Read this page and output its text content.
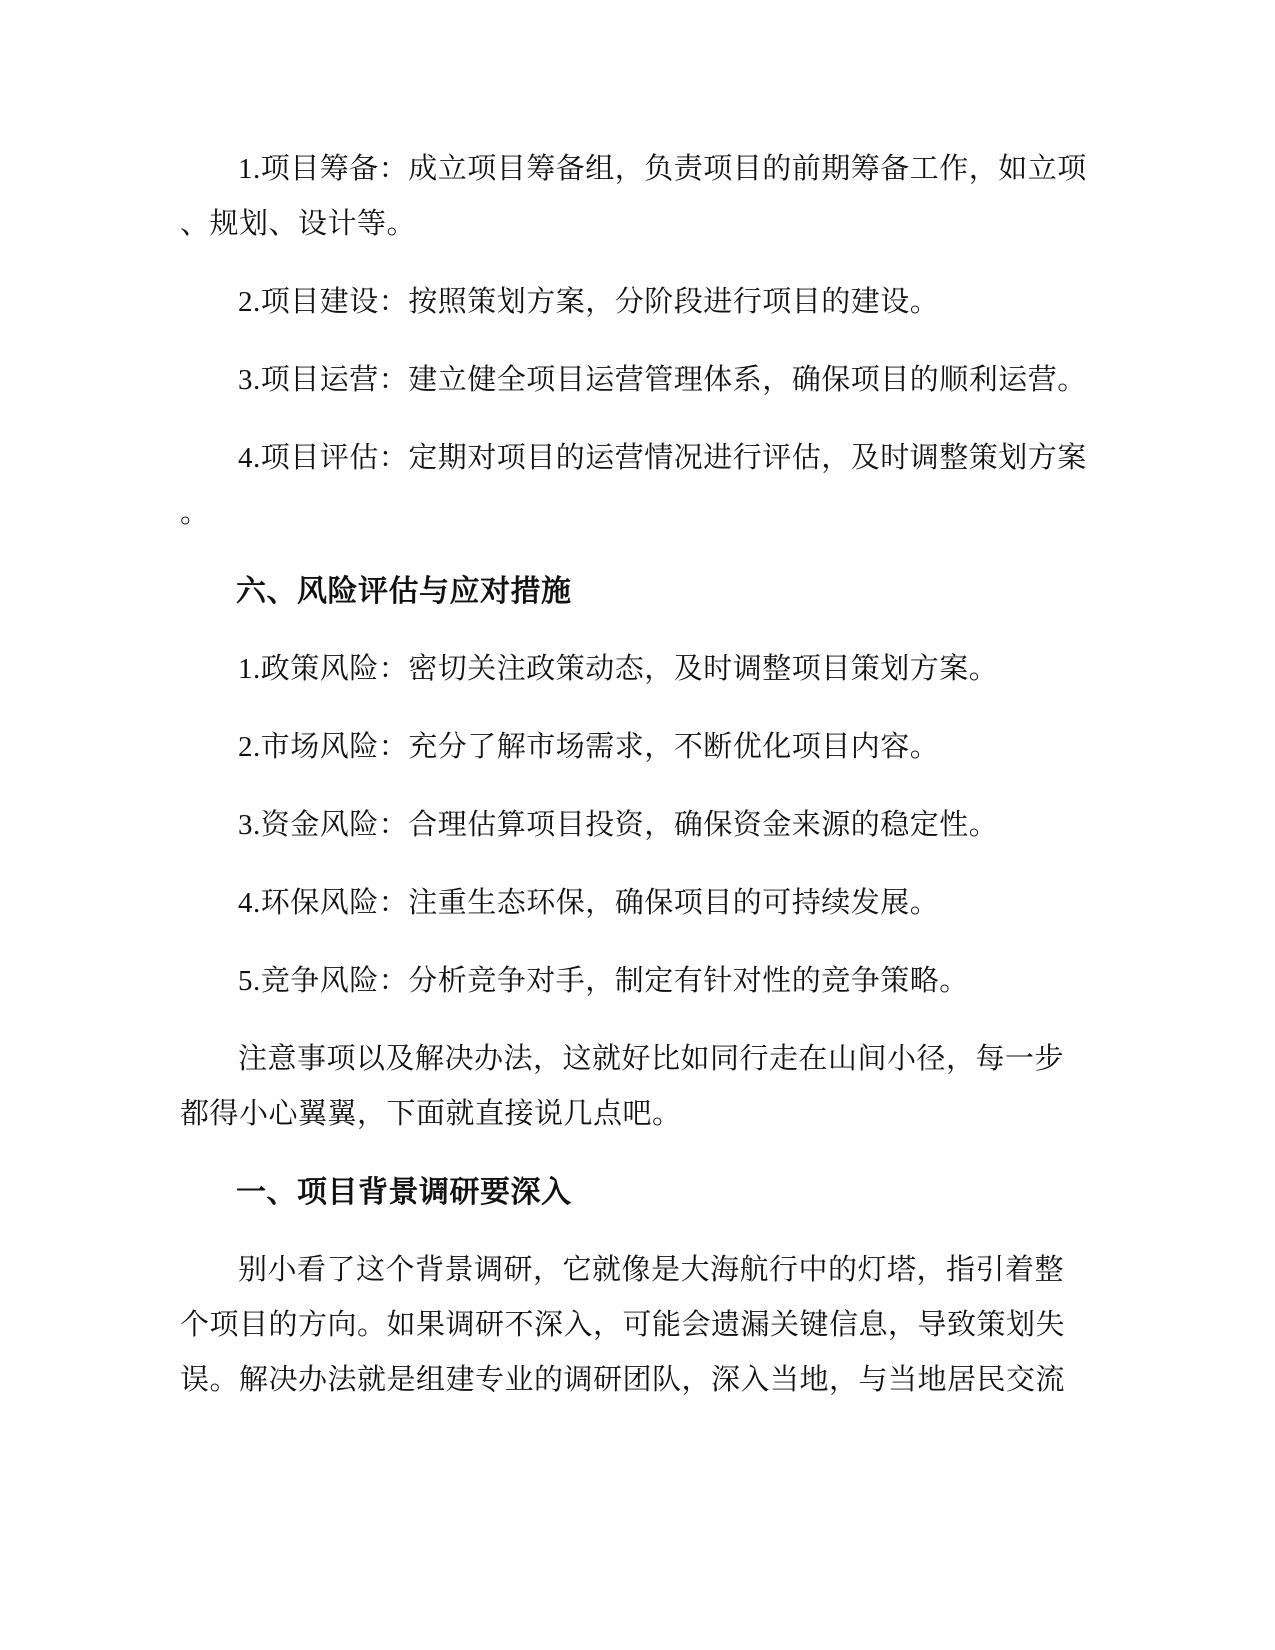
1.项目筹备：成立项目筹备组，负责项目的前期筹备工作，如立项
、规划、设计等。
2.项目建设：按照策划方案，分阶段进行项目的建设。
3.项目运营：建立健全项目运营管理体系，确保项目的顺利运营。
4.项目评估：定期对项目的运营情况进行评估，及时调整策划方案
。
六、风险评估与应对措施
1.政策风险：密切关注政策动态，及时调整项目策划方案。
2.市场风险：充分了解市场需求，不断优化项目内容。
3.资金风险：合理估算项目投资，确保资金来源的稳定性。
4.环保风险：注重生态环保，确保项目的可持续发展。
5.竞争风险：分析竞争对手，制定有针对性的竞争策略。
注意事项以及解决办法，这就好比如同行走在山间小径，每一步
都得小心翼翼，下面就直接说几点吧。
一、项目背景调研要深入
别小看了这个背景调研，它就像是大海航行中的灯塔，指引着整
个项目的方向。如果调研不深入，可能会遗漏关键信息，导致策划失
误。解决办法就是组建专业的调研团队，深入当地，与当地居民交流
